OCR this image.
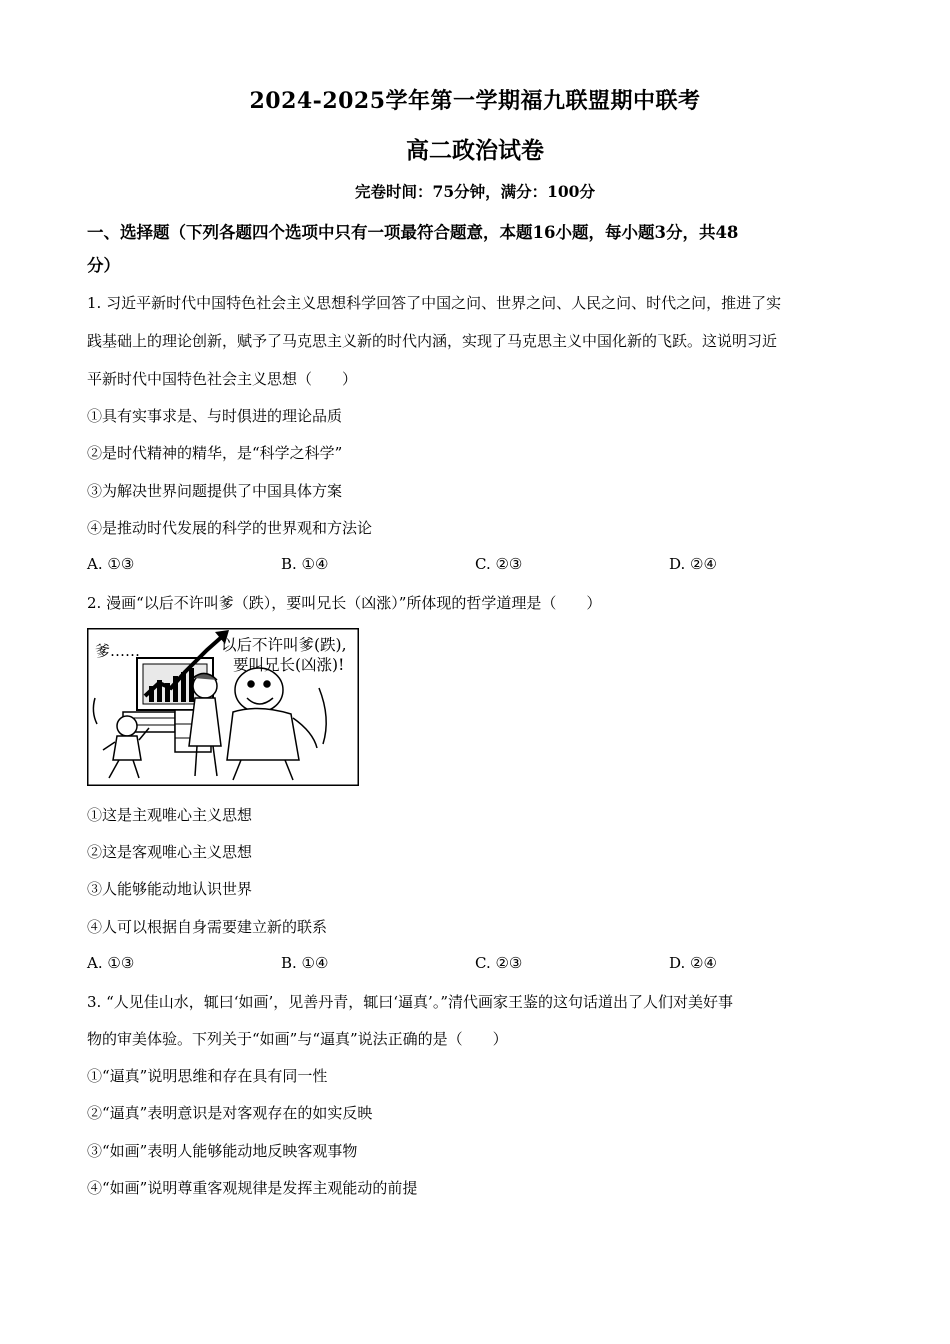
2024-2025学年第一学期福九联盟期中联考
高二政治试卷
完卷时间：75分钟，满分：100分
一、选择题（下列各题四个选项中只有一项最符合题意，本题16小题，每小题3分，共48
分）
1. 习近平新时代中国特色社会主义思想科学回答了中国之问、世界之问、人民之问、时代之问，推进了实
践基础上的理论创新，赋予了马克思主义新的时代内涵，实现了马克思主义中国化新的飞跃。这说明习近
平新时代中国特色社会主义思想（　　）
①具有实事求是、与时俱进的理论品质
②是时代精神的精华，是“科学之科学”
③为解决世界问题提供了中国具体方案
④是推动时代发展的科学的世界观和方法论
A. ①③	B. ①④	C. ②③	D. ②④
2. 漫画“以后不许叫爹（跌），要叫兄长（凶涨）”所体现的哲学道理是（　　）
爹……	以后不许叫爹(跌),
要叫兄长(凶涨)!
①这是主观唯心主义思想
②这是客观唯心主义思想
③人能够能动地认识世界
④人可以根据自身需要建立新的联系
A. ①③	B. ①④	C. ②③	D. ②④
3. “人见佳山水，辄曰‘如画’，见善丹青，辄曰‘逼真’。”清代画家王鉴的这句话道出了人们对美好事
物的审美体验。下列关于“如画”与“逼真”说法正确的是（　　）
①“逼真”说明思维和存在具有同一性
②“逼真”表明意识是对客观存在的如实反映
③“如画”表明人能够能动地反映客观事物
④“如画”说明尊重客观规律是发挥主观能动的前提
